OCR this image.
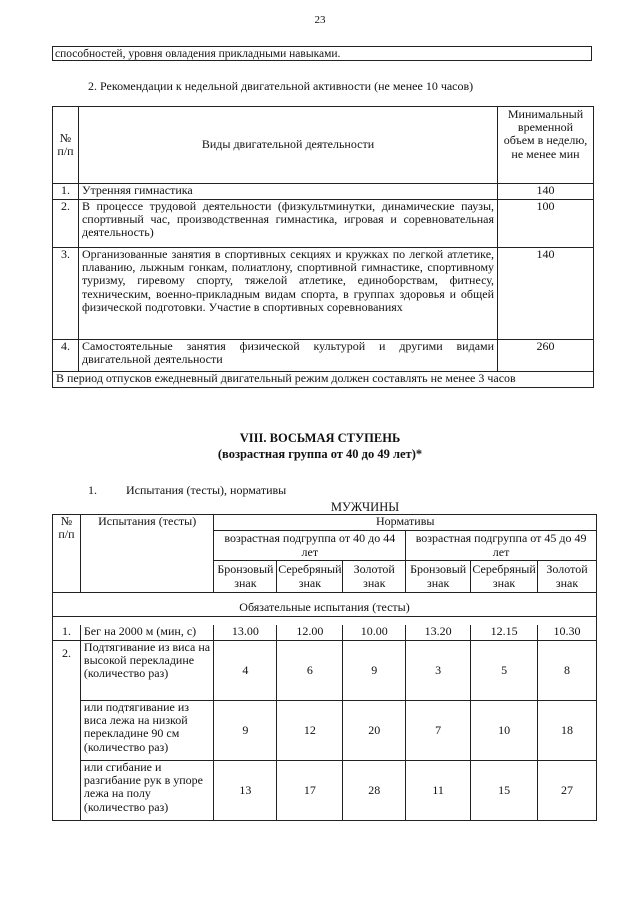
23
способностей, уровня овладения прикладными навыками.
2. Рекомендации к недельной двигательной активности (не менее 10 часов)
№ п/п	Виды двигательной деятельности	Минимальный временной объем в неделю, не менее мин
1.	Утренняя гимнастика	140
2.	В процессе трудовой деятельности (физкультминутки, динамические паузы, спортивный час, производственная гимнастика, игровая и соревновательная деятельность)	100
3.	Организованные занятия в спортивных секциях и кружках по легкой атлетике, плаванию, лыжным гонкам, полиатлону, спортивной гимнастике, спортивному туризму, гиревому спорту, тяжелой атлетике, единоборствам, фитнесу, техническим, военно-прикладным видам спорта, в группах здоровья и общей физической подготовки. Участие в спортивных соревнованиях	140
4.	Самостоятельные занятия физической культурой и другими видами двигательной деятельности	260
В период отпусков ежедневный двигательный режим должен составлять не менее 3 часов		
VIII. ВОСЬМАЯ СТУПЕНЬ
(возрастная группа от 40 до 49 лет)*
1. Испытания (тесты), нормативы
МУЖЧИНЫ
№ п/п	Испытания (тесты)	Нормативы					
		возрастная подгруппа от 40 до 44 лет			возрастная подгруппа от 45 до 49 лет		
		Бронзовый знак	Серебряный знак	Золотой знак	Бронзовый знак	Серебряный знак	Золотой знак

Обязательные испытания (тесты)							

1.	Бег на 2000 м (мин, с)	13.00	12.00	10.00	13.20	12.15	10.30
2.	Подтягивание из виса на высокой перекладине (количество раз)	4	6	9	3	5	8
	или подтягивание из виса лежа на низкой перекладине 90 см (количество раз)	9	12	20	7	10	18
	или сгибание и разгибание рук в упоре лежа на полу (количество раз)	13	17	28	11	15	27
